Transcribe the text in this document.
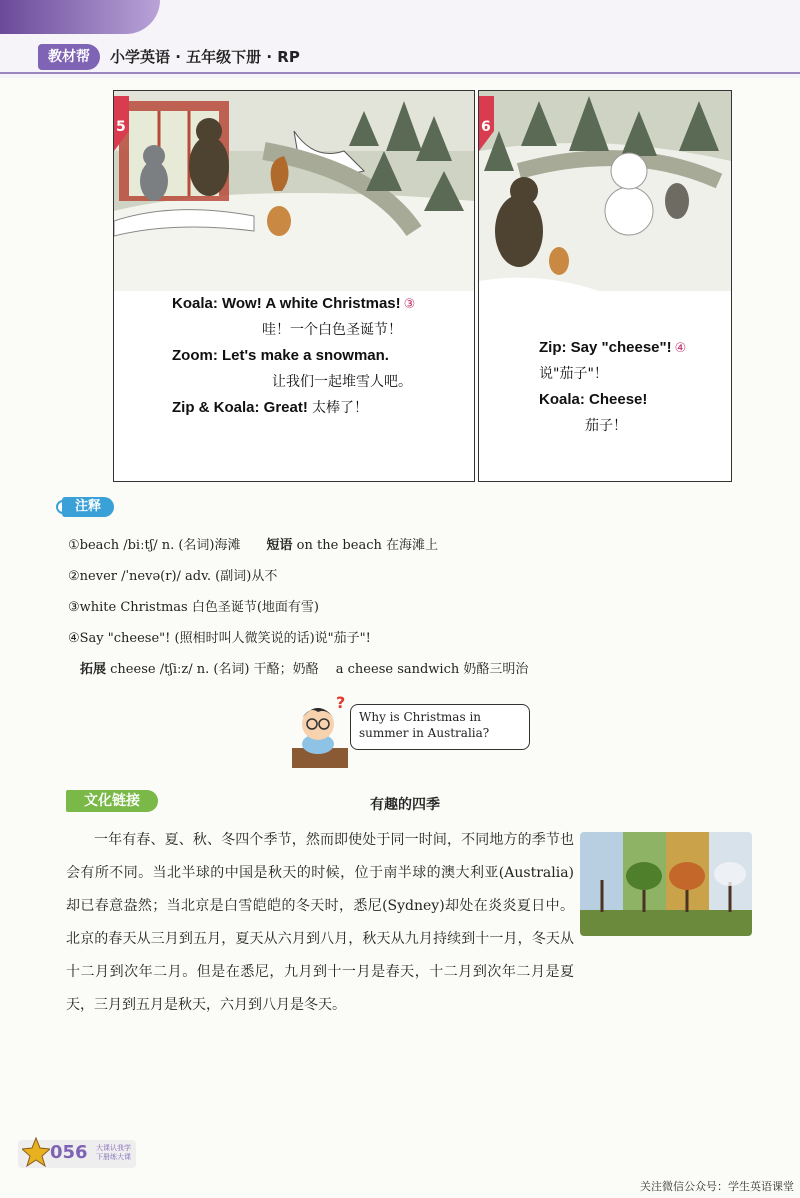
教材帮	小学英语 · 五年级下册 · RP
5
Koala: Wow! A white Christmas! ③
哇！一个白色圣诞节！
Zoom: Let's make a snowman.
让我们一起堆雪人吧。
Zip & Koala: Great! 太棒了！
6
Zip: Say "cheese"! ④
说"茄子"！
Koala: Cheese!
茄子！
注释
①beach /biːtʃ/ n. (名词)海滩　　 短语 on the beach 在海滩上
②never /ˈnevə(r)/ adv. (副词)从不
③white Christmas 白色圣诞节(地面有雪)
④Say "cheese"! (照相时叫人微笑说的话)说"茄子"!
拓展 cheese /tʃiːz/ n. (名词) 干酪；奶酪　 a cheese sandwich 奶酪三明治
?
Why is Christmas in summer in Australia?
文化链接	有趣的四季
一年有春、夏、秋、冬四个季节，然而即使处于同一时间，不同地方的季节也会有所不同。当北半球的中国是秋天的时候，位于南半球的澳大利亚(Australia)却已春意盎然；当北京是白雪皑皑的冬天时，悉尼(Sydney)却处在炎炎夏日中。北京的春天从三月到五月，夏天从六月到八月，秋天从九月持续到十一月，冬天从十二月到次年二月。但是在悉尼，九月到十一月是春天，十二月到次年二月是夏天，三月到五月是秋天，六月到八月是冬天。
056 大课认我学 下册练大课
关注微信公众号：学生英语课堂
